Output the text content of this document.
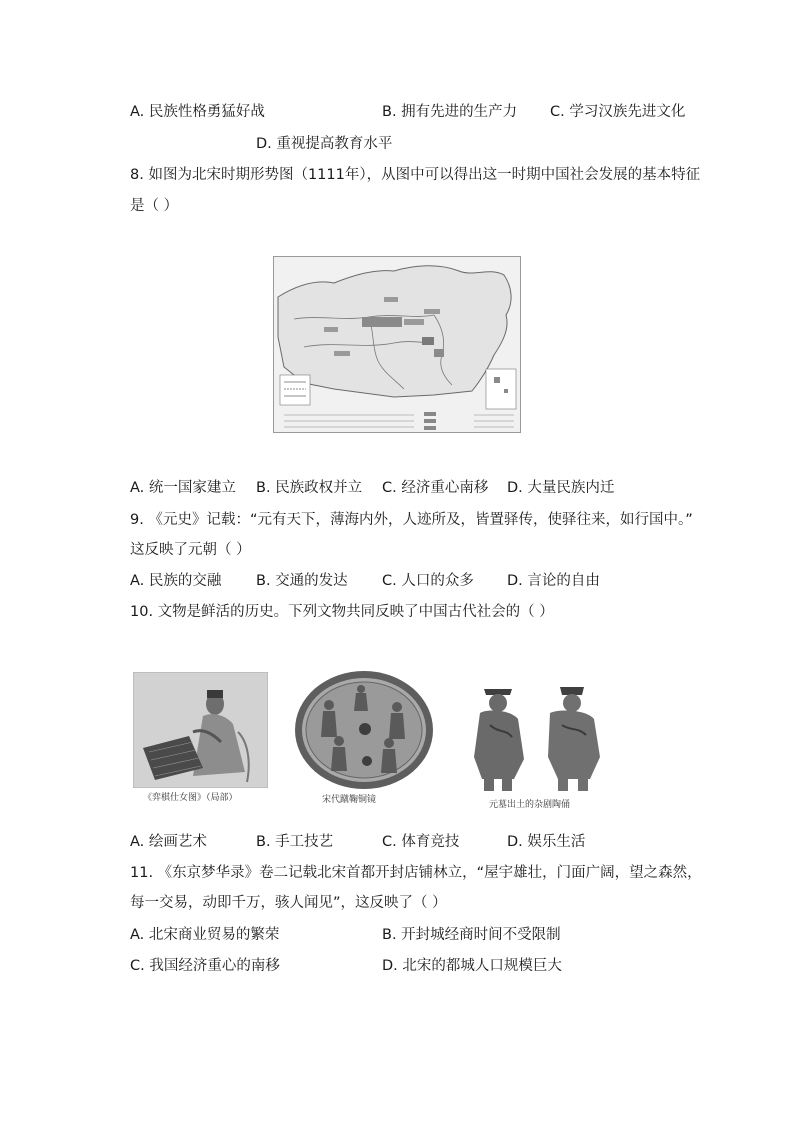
A. 民族性格勇猛好战	B. 拥有先进的生产力 C. 学习汉族先进文化
D. 重视提高教育水平
8. 如图为北宋时期形势图（1111年），从图中可以得出这一时期中国社会发展的基本特征
是（ ）
A. 统一国家建立 B. 民族政权并立 C. 经济重心南移 D. 大量民族内迁
9. 《元史》记载：“元有天下，薄海内外，人迹所及，皆置驿传，使驿往来，如行国中。”
这反映了元朝（ ）
A. 民族的交融 B. 交通的发达 C. 人口的众多 D. 言论的自由
10. 文物是鲜活的历史。下列文物共同反映了中国古代社会的（ ）
《弈棋仕女图》（局部）	宋代蹴鞠铜镜	元墓出土的杂剧陶俑
A. 绘画艺术	B. 手工技艺	C. 体育竞技	D. 娱乐生活
11. 《东京梦华录》卷二记载北宋首都开封店铺林立，“屋宇雄壮，门面广阔，望之森然，
每一交易，动即千万，骇人闻见”，这反映了（ ）
A. 北宋商业贸易的繁荣	B. 开封城经商时间不受限制
C. 我国经济重心的南移	D. 北宋的都城人口规模巨大
